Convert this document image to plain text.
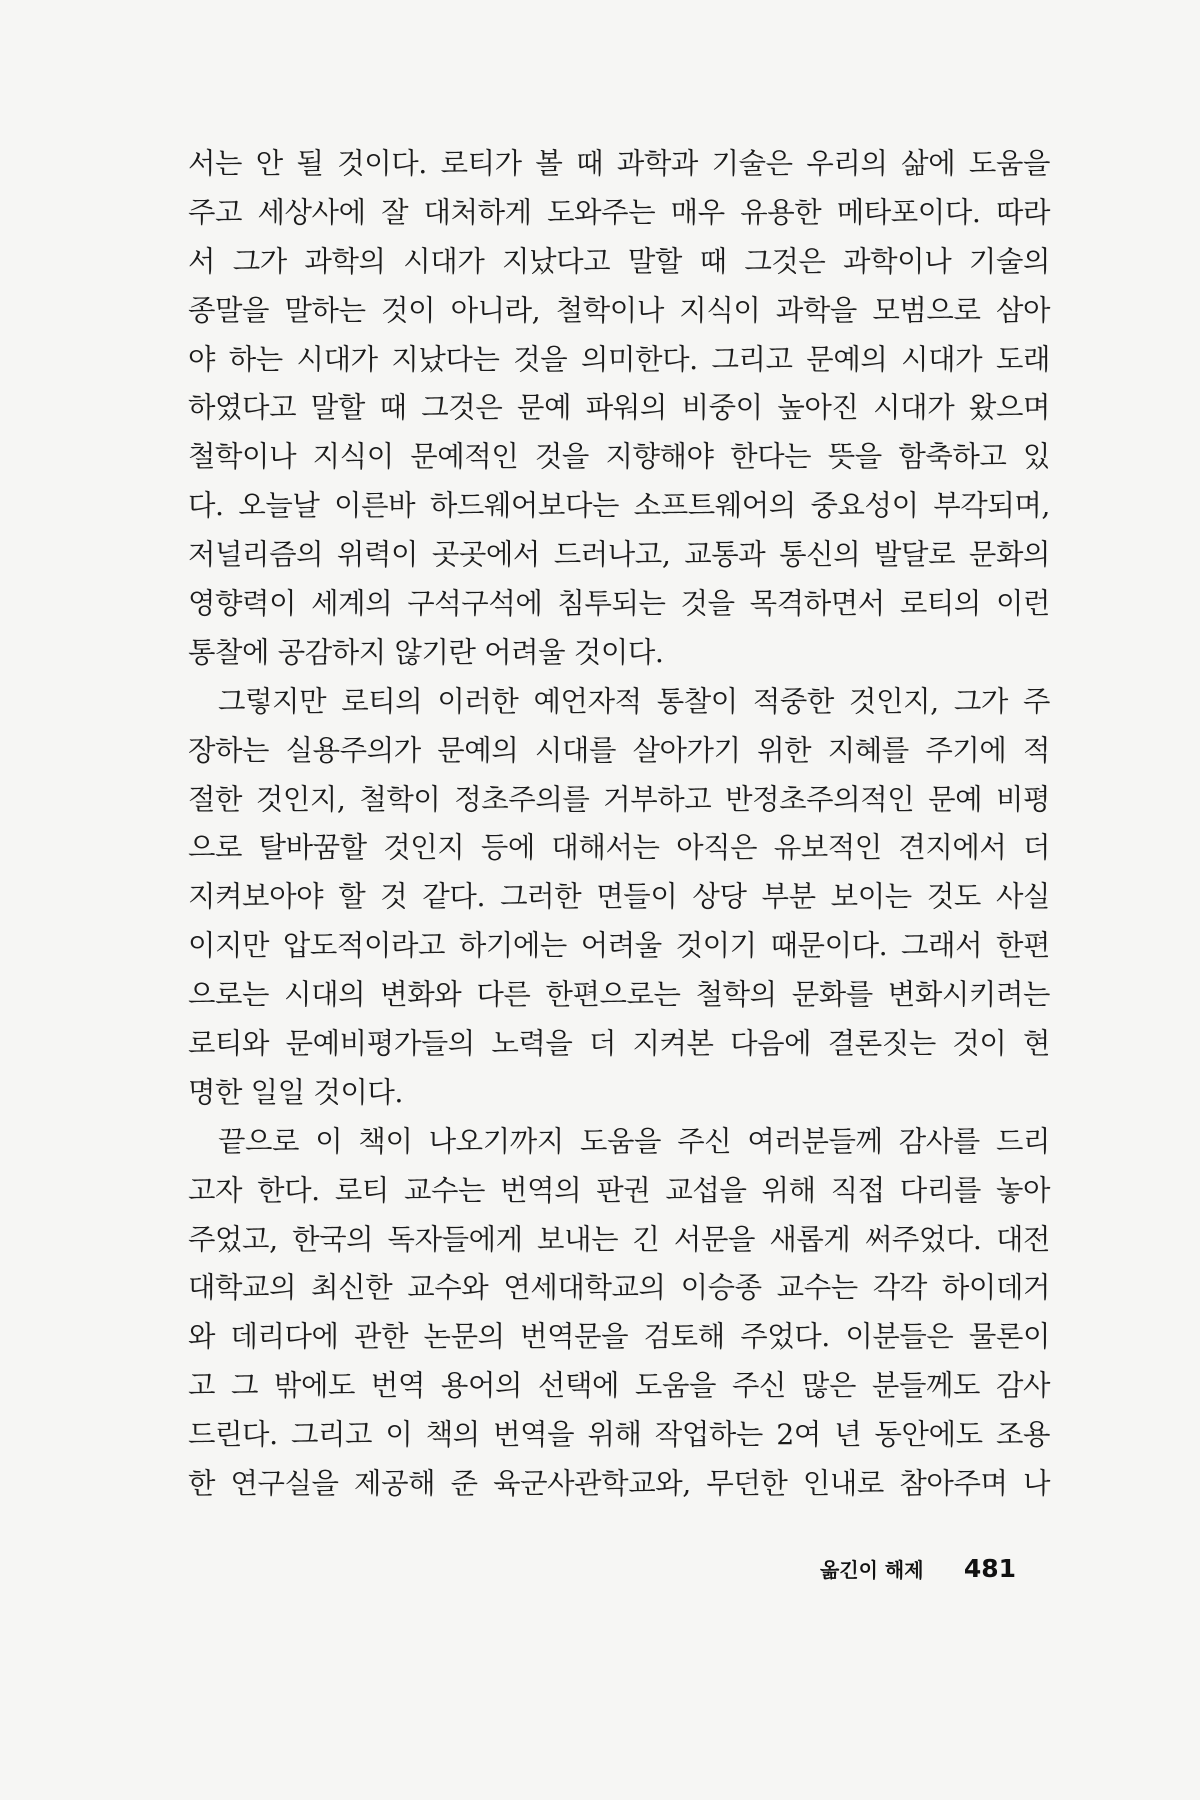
서는 안 될 것이다. 로티가 볼 때 과학과 기술은 우리의 삶에 도움을
주고 세상사에 잘 대처하게 도와주는 매우 유용한 메타포이다. 따라
서 그가 과학의 시대가 지났다고 말할 때 그것은 과학이나 기술의
종말을 말하는 것이 아니라, 철학이나 지식이 과학을 모범으로 삼아
야 하는 시대가 지났다는 것을 의미한다. 그리고 문예의 시대가 도래
하였다고 말할 때 그것은 문예 파워의 비중이 높아진 시대가 왔으며
철학이나 지식이 문예적인 것을 지향해야 한다는 뜻을 함축하고 있
다. 오늘날 이른바 하드웨어보다는 소프트웨어의 중요성이 부각되며,
저널리즘의 위력이 곳곳에서 드러나고, 교통과 통신의 발달로 문화의
영향력이 세계의 구석구석에 침투되는 것을 목격하면서 로티의 이런
통찰에 공감하지 않기란 어려울 것이다.
그렇지만 로티의 이러한 예언자적 통찰이 적중한 것인지, 그가 주
장하는 실용주의가 문예의 시대를 살아가기 위한 지혜를 주기에 적
절한 것인지, 철학이 정초주의를 거부하고 반정초주의적인 문예 비평
으로 탈바꿈할 것인지 등에 대해서는 아직은 유보적인 견지에서 더
지켜보아야 할 것 같다. 그러한 면들이 상당 부분 보이는 것도 사실
이지만 압도적이라고 하기에는 어려울 것이기 때문이다. 그래서 한편
으로는 시대의 변화와 다른 한편으로는 철학의 문화를 변화시키려는
로티와 문예비평가들의 노력을 더 지켜본 다음에 결론짓는 것이 현
명한 일일 것이다.
끝으로 이 책이 나오기까지 도움을 주신 여러분들께 감사를 드리
고자 한다. 로티 교수는 번역의 판권 교섭을 위해 직접 다리를 놓아
주었고, 한국의 독자들에게 보내는 긴 서문을 새롭게 써주었다. 대전
대학교의 최신한 교수와 연세대학교의 이승종 교수는 각각 하이데거
와 데리다에 관한 논문의 번역문을 검토해 주었다. 이분들은 물론이
고 그 밖에도 번역 용어의 선택에 도움을 주신 많은 분들께도 감사
드린다. 그리고 이 책의 번역을 위해 작업하는 2여 년 동안에도 조용
한 연구실을 제공해 준 육군사관학교와, 무던한 인내로 참아주며 나
옮긴이 해제 481
